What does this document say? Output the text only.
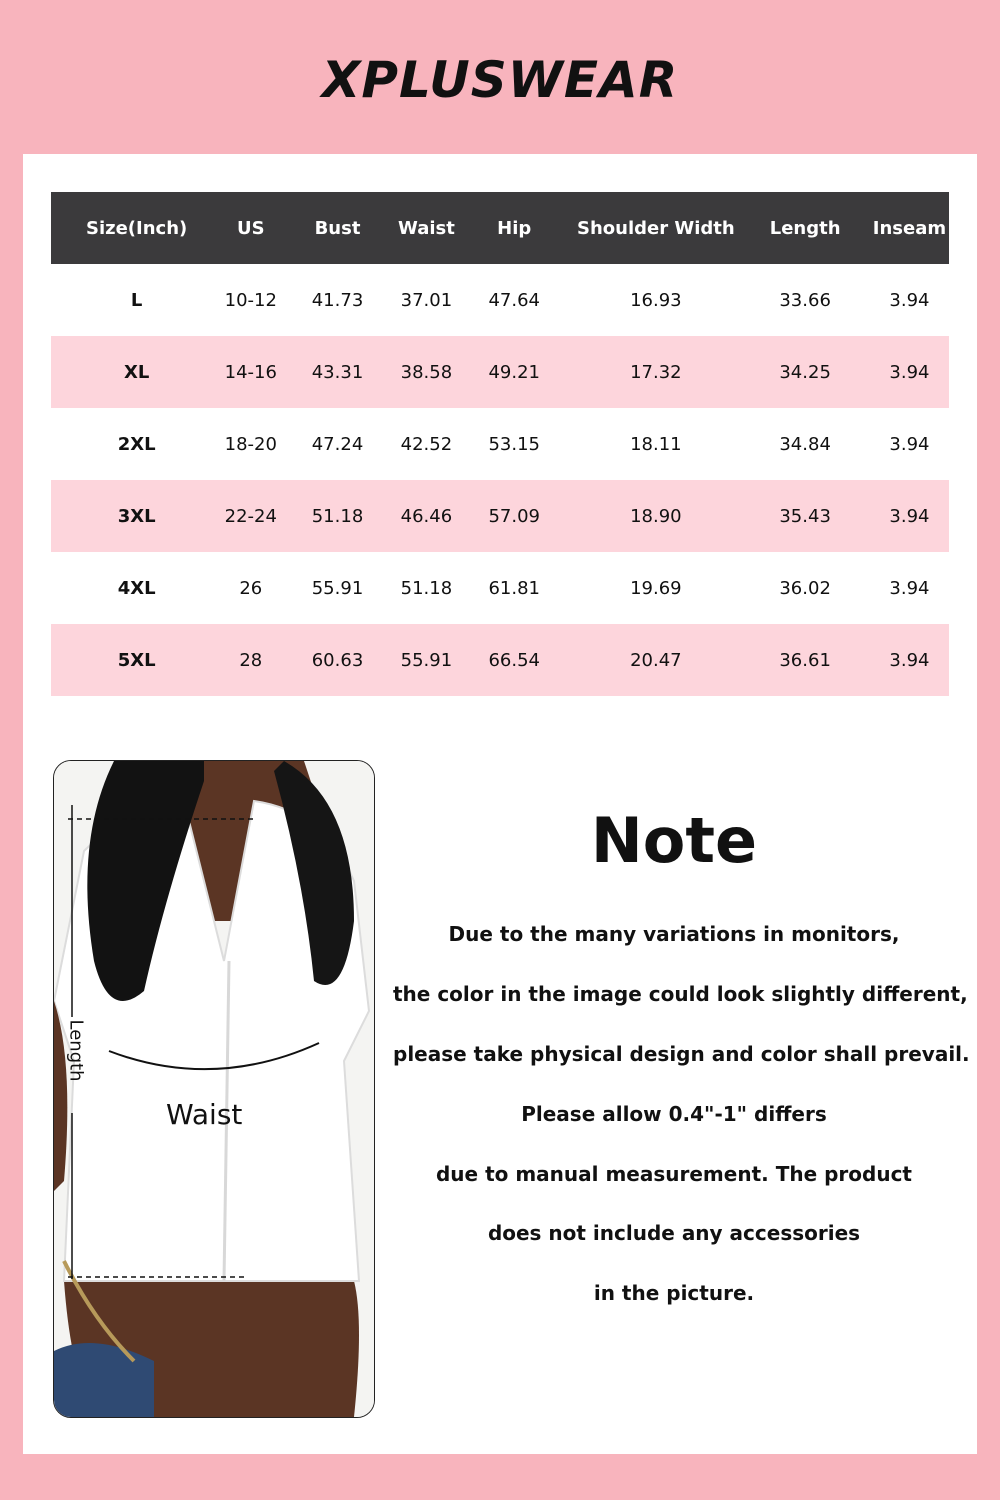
XPLUSWEAR
Size(Inch)	US	Bust	Waist	Hip	Shoulder Width	Length	Inseam
L	10-12	41.73	37.01	47.64	16.93	33.66	3.94
XL	14-16	43.31	38.58	49.21	17.32	34.25	3.94
2XL	18-20	47.24	42.52	53.15	18.11	34.84	3.94
3XL	22-24	51.18	46.46	57.09	18.90	35.43	3.94
4XL	26	55.91	51.18	61.81	19.69	36.02	3.94
5XL	28	60.63	55.91	66.54	20.47	36.61	3.94
Length
Waist
Note
Due to the many variations in monitors,
the color in the image could look slightly different,
please take physical design and color shall prevail.
Please allow 0.4"-1" differs
due to manual measurement. The product
does not include any accessories
in the picture.
